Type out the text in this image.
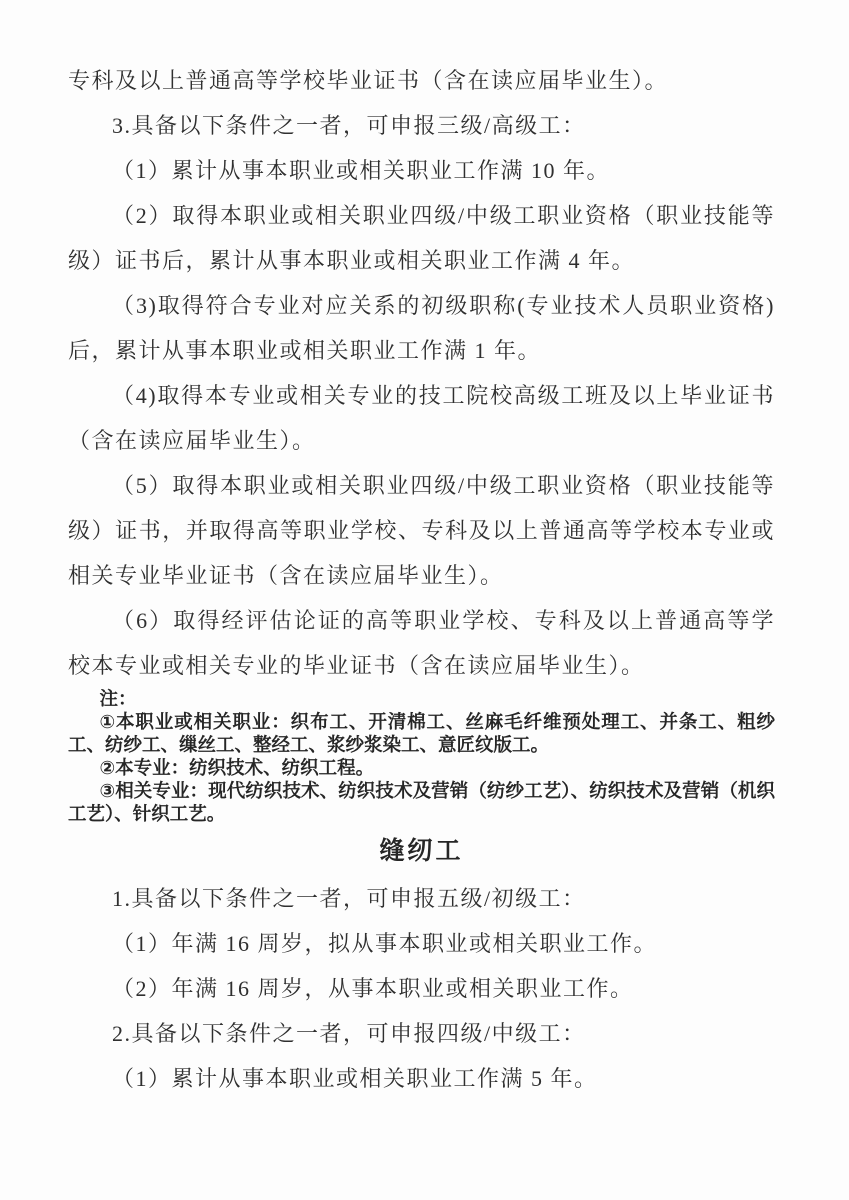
专科及以上普通高等学校毕业证书（含在读应届毕业生）。

3.具备以下条件之一者，可申报三级/高级工：

（1）累计从事本职业或相关职业工作满 10 年。

（2）取得本职业或相关职业四级/中级工职业资格（职业技能等级）证书后，累计从事本职业或相关职业工作满 4 年。

（3)取得符合专业对应关系的初级职称(专业技术人员职业资格)后，累计从事本职业或相关职业工作满 1 年。

（4)取得本专业或相关专业的技工院校高级工班及以上毕业证书（含在读应届毕业生）。

（5）取得本职业或相关职业四级/中级工职业资格（职业技能等级）证书，并取得高等职业学校、专科及以上普通高等学校本专业或相关专业毕业证书（含在读应届毕业生）。

（6）取得经评估论证的高等职业学校、专科及以上普通高等学校本专业或相关专业的毕业证书（含在读应届毕业生）。

注：

①本职业或相关职业：织布工、开清棉工、丝麻毛纤维预处理工、并条工、粗纱工、纺纱工、缫丝工、整经工、浆纱浆染工、意匠纹版工。

②本专业：纺织技术、纺织工程。

③相关专业：现代纺织技术、纺织技术及营销（纺纱工艺）、纺织技术及营销（机织工艺）、针织工艺。

缝纫工

1.具备以下条件之一者，可申报五级/初级工：

（1）年满 16 周岁，拟从事本职业或相关职业工作。

（2）年满 16 周岁，从事本职业或相关职业工作。

2.具备以下条件之一者，可申报四级/中级工：

（1）累计从事本职业或相关职业工作满 5 年。
